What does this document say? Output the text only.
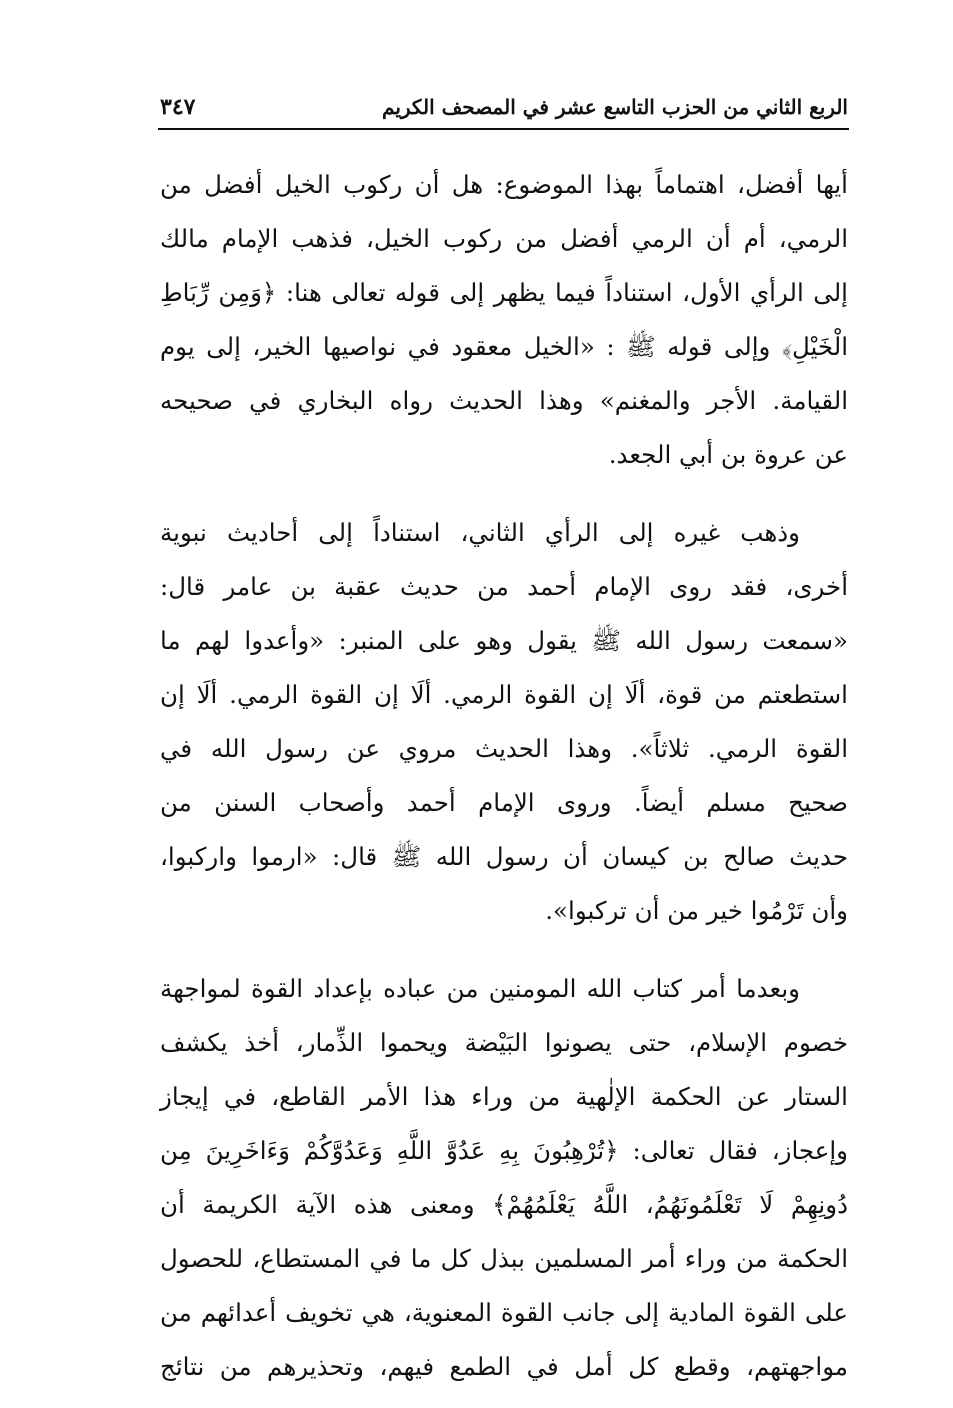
الربع الثاني من الحزب التاسع عشر في المصحف الكريم
٣٤٧
أيها أفضل، اهتماماً بهذا الموضوع: هل أن ركوب الخيل أفضل من
الرمي، أم أن الرمي أفضل من ركوب الخيل، فذهب الإمام مالك
إلى الرأي الأول، استناداً فيما يظهر إلى قوله تعالى هنا: ﴿وَمِن رِّبَاطِ
الْخَيْلِ﴾ وإلى قوله ﷺ : «الخيل معقود في نواصيها الخير، إلى يوم
القيامة. الأجر والمغنم» وهذا الحديث رواه البخاري في صحيحه
عن عروة بن أبي الجعد.
وذهب غيره إلى الرأي الثاني، استناداً إلى أحاديث نبوية
أخرى، فقد روى الإمام أحمد من حديث عقبة بن عامر قال:
«سمعت رسول الله ﷺ يقول وهو على المنبر: «وأعدوا لهم ما
استطعتم من قوة، ألَا إن القوة الرمي. ألَا إن القوة الرمي. ألَا إن
القوة الرمي. ثلاثاً». وهذا الحديث مروي عن رسول الله في
صحيح مسلم أيضاً. وروى الإمام أحمد وأصحاب السنن من
حديث صالح بن كيسان أن رسول الله ﷺ قال: «ارموا واركبوا،
وأن تَرْمُوا خير من أن تركبوا».
وبعدما أمر كتاب الله المومنين من عباده بإعداد القوة لمواجهة
خصوم الإسلام، حتى يصونوا البَيْضة ويحموا الذِّمار، أخذ يكشف
الستار عن الحكمة الإلٰهية من وراء هذا الأمر القاطع، في إيجاز
وإعجاز، فقال تعالى: ﴿تُرْهِبُونَ بِهِ عَدُوَّ اللَّهِ وَعَدُوَّكُمْ وَءَاخَرِينَ مِن
دُونِهِمْ لَا تَعْلَمُونَهُمُ، اللَّهُ يَعْلَمُهُمْ﴾ ومعنى هذه الآية الكريمة أن
الحكمة من وراء أمر المسلمين ببذل كل ما في المستطاع، للحصول
على القوة المادية إلى جانب القوة المعنوية، هي تخويف أعدائهم من
مواجهتهم، وقطع كل أمل في الطمع فيهم، وتحذيرهم من نتائج
